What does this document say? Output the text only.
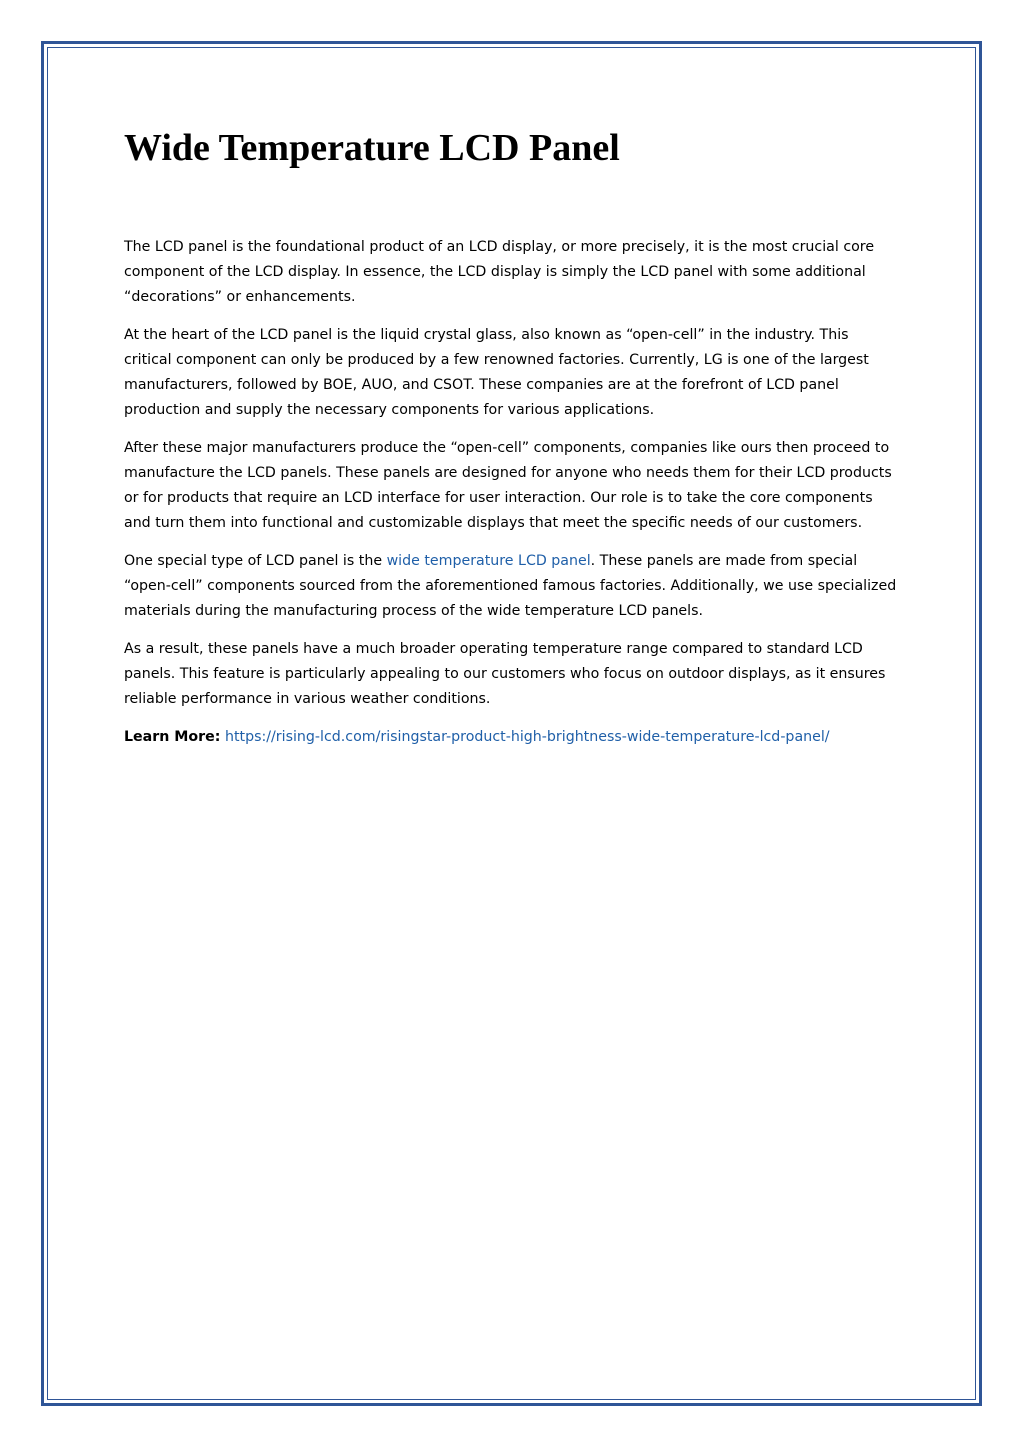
Wide Temperature LCD Panel

The LCD panel is the foundational product of an LCD display, or more precisely, it is the most crucial core component of the LCD display. In essence, the LCD display is simply the LCD panel with some additional “decorations” or enhancements.

At the heart of the LCD panel is the liquid crystal glass, also known as “open-cell” in the industry. This critical component can only be produced by a few renowned factories. Currently, LG is one of the largest manufacturers, followed by BOE, AUO, and CSOT. These companies are at the forefront of LCD panel production and supply the necessary components for various applications.

After these major manufacturers produce the “open-cell” components, companies like ours then proceed to manufacture the LCD panels. These panels are designed for anyone who needs them for their LCD products or for products that require an LCD interface for user interaction. Our role is to take the core components and turn them into functional and customizable displays that meet the specific needs of our customers.

One special type of LCD panel is the wide temperature LCD panel. These panels are made from special “open-cell” components sourced from the aforementioned famous factories. Additionally, we use specialized materials during the manufacturing process of the wide temperature LCD panels.

As a result, these panels have a much broader operating temperature range compared to standard LCD panels. This feature is particularly appealing to our customers who focus on outdoor displays, as it ensures reliable performance in various weather conditions.

Learn More: https://rising-lcd.com/risingstar-product-high-brightness-wide-temperature-lcd-panel/
